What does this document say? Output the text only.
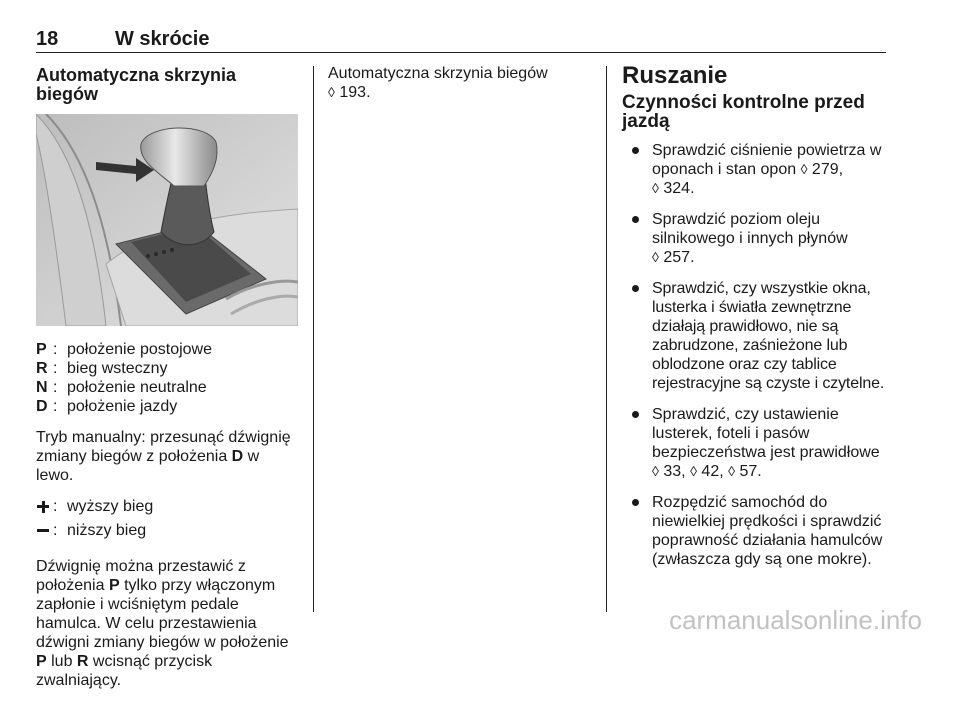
18	W skrócie
Automatyczna skrzynia biegów
P : położenie postojowe
R : bieg wsteczny
N : położenie neutralne
D : położenie jazdy

Tryb manualny: przesunąć dźwignię zmiany biegów z położenia D w lewo.

: wyższy bieg
: niższy bieg

Dźwignię można przestawić z położenia P tylko przy włączonym zapłonie i wciśniętym pedale hamulca. W celu przestawienia dźwigni zmiany biegów w położenie P lub R wcisnąć przycisk zwalniający.

Automatyczna skrzynia biegów
◊ 193.
Ruszanie
Czynności kontrolne przed jazdą
Sprawdzić ciśnienie powietrza w oponach i stan opon ◊ 279,
◊ 324.
Sprawdzić poziom oleju silnikowego i innych płynów
◊ 257.
Sprawdzić, czy wszystkie okna, lusterka i światła zewnętrzne działają prawidłowo, nie są zabrudzone, zaśnieżone lub oblodzone oraz czy tablice rejestracyjne są czyste i czytelne.
Sprawdzić, czy ustawienie lusterek, foteli i pasów bezpieczeństwa jest prawidłowe
◊ 33, ◊ 42, ◊ 57.
Rozpędzić samochód do niewielkiej prędkości i sprawdzić poprawność działania hamulców (zwłaszcza gdy są one mokre).
carmanualsonline.info
